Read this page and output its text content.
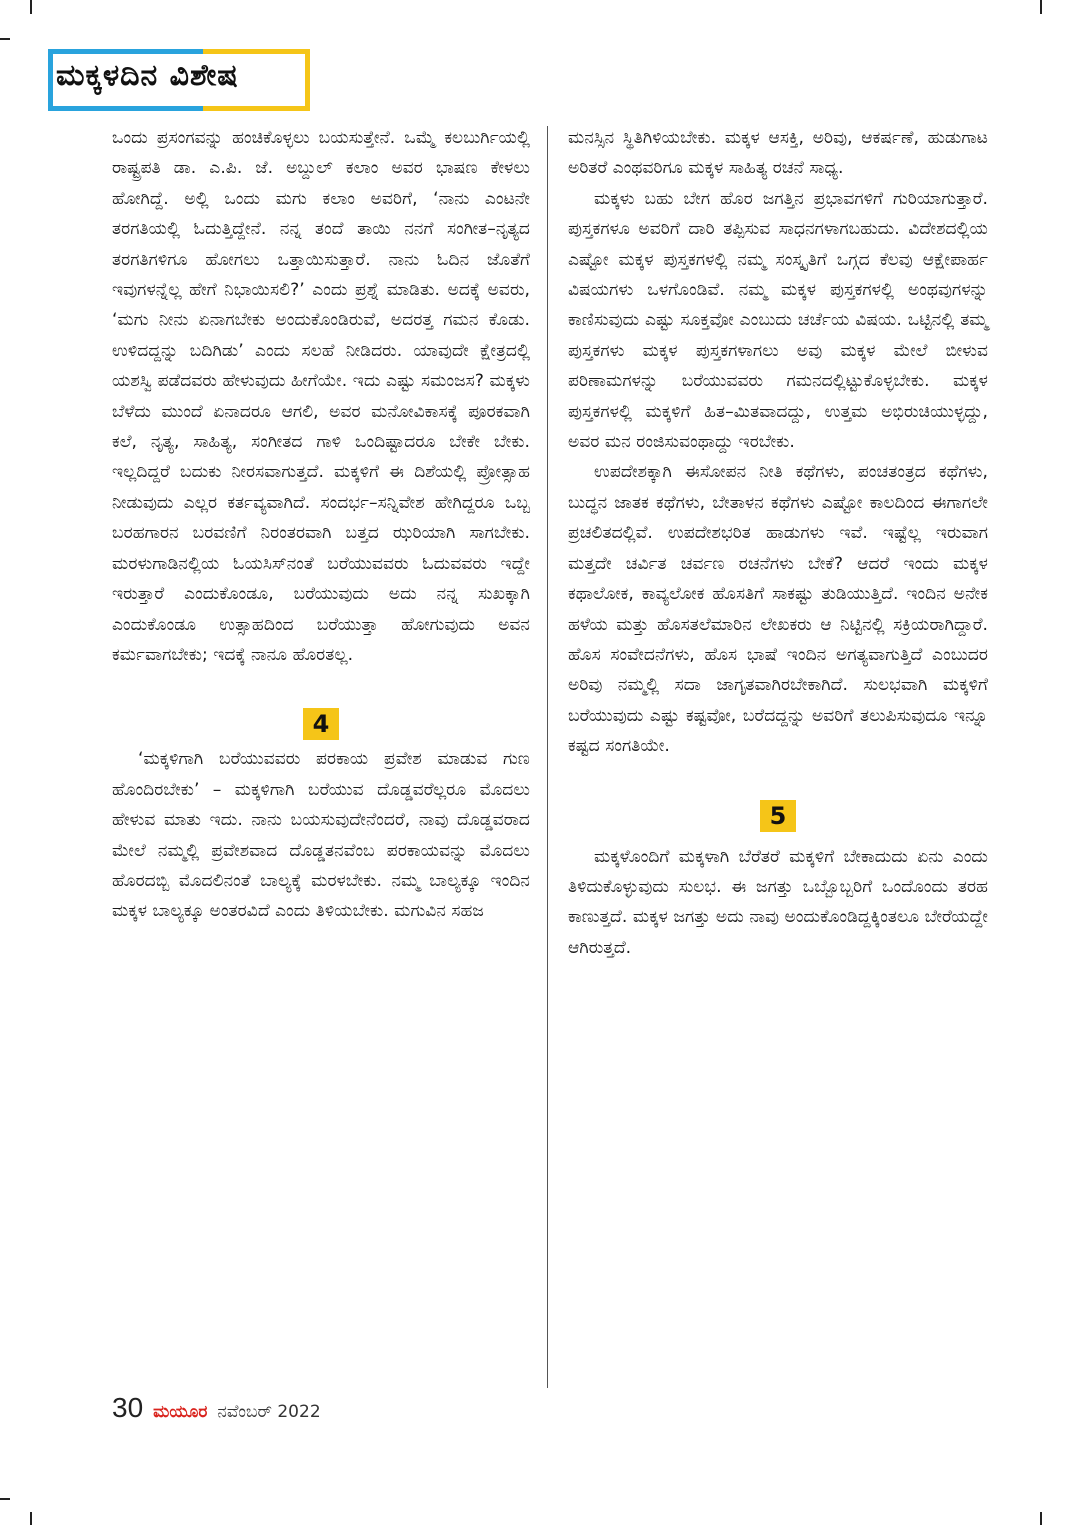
ಮಕ್ಕಳದಿನ ವಿಶೇಷ

ಒಂದು ಪ್ರಸಂಗವನ್ನು ಹಂಚಿಕೊಳ್ಳಲು ಬಯಸುತ್ತೇನೆ. ಒಮ್ಮೆ ಕಲಬುರ್ಗಿಯಲ್ಲಿ ರಾಷ್ಟ್ರಪತಿ ಡಾ. ಎ.ಪಿ. ಜೆ. ಅಬ್ದುಲ್ ಕಲಾಂ ಅವರ ಭಾಷಣ ಕೇಳಲು ಹೋಗಿದ್ದೆ. ಅಲ್ಲಿ ಒಂದು ಮಗು ಕಲಾಂ ಅವರಿಗೆ, ‘ನಾನು ಎಂಟನೇ ತರಗತಿಯಲ್ಲಿ ಓದುತ್ತಿದ್ದೇನೆ. ನನ್ನ ತಂದೆ ತಾಯಿ ನನಗೆ ಸಂಗೀತ–ನೃತ್ಯದ ತರಗತಿಗಳಿಗೂ ಹೋಗಲು ಒತ್ತಾಯಿಸುತ್ತಾರೆ. ನಾನು ಓದಿನ ಜೊತೆಗೆ ಇವುಗಳನ್ನೆಲ್ಲ ಹೇಗೆ ನಿಭಾಯಿಸಲಿ?’ ಎಂದು ಪ್ರಶ್ನೆ ಮಾಡಿತು. ಅದಕ್ಕೆ ಅವರು, ‘ಮಗು ನೀನು ಏನಾಗಬೇಕು ಅಂದುಕೊಂಡಿರುವೆ, ಅದರತ್ತ ಗಮನ ಕೊಡು. ಉಳಿದದ್ದನ್ನು ಬದಿಗಿಡು’ ಎಂದು ಸಲಹೆ ನೀಡಿದರು. ಯಾವುದೇ ಕ್ಷೇತ್ರದಲ್ಲಿ ಯಶಸ್ವಿ ಪಡೆದವರು ಹೇಳುವುದು ಹೀಗೆಯೇ. ಇದು ಎಷ್ಟು ಸಮಂಜಸ? ಮಕ್ಕಳು ಬೆಳೆದು ಮುಂದೆ ಏನಾದರೂ ಆಗಲಿ, ಅವರ ಮನೋವಿಕಾಸಕ್ಕೆ ಪೂರಕವಾಗಿ ಕಲೆ, ನೃತ್ಯ, ಸಾಹಿತ್ಯ, ಸಂಗೀತದ ಗಾಳಿ ಒಂದಿಷ್ಟಾದರೂ ಬೇಕೇ ಬೇಕು. ಇಲ್ಲದಿದ್ದರೆ ಬದುಕು ನೀರಸವಾಗುತ್ತದೆ. ಮಕ್ಕಳಿಗೆ ಈ ದಿಶೆಯಲ್ಲಿ ಪ್ರೋತ್ಸಾಹ ನೀಡುವುದು ಎಲ್ಲರ ಕರ್ತವ್ಯವಾಗಿದೆ. ಸಂದರ್ಭ–ಸನ್ನಿವೇಶ ಹೇಗಿದ್ದರೂ ಒಬ್ಬ ಬರಹಗಾರನ ಬರವಣಿಗೆ ನಿರಂತರವಾಗಿ ಬತ್ತದ ಝರಿಯಾಗಿ ಸಾಗಬೇಕು. ಮರಳುಗಾಡಿನಲ್ಲಿಯ ಓಯಸಿಸ್‌ನಂತೆ ಬರೆಯುವವರು ಓದುವವರು ಇದ್ದೇ ಇರುತ್ತಾರೆ ಎಂದುಕೊಂಡೂ, ಬರೆಯುವುದು ಅದು ನನ್ನ ಸುಖಕ್ಕಾಗಿ ಎಂದುಕೊಂಡೂ ಉತ್ಸಾಹದಿಂದ ಬರೆಯುತ್ತಾ ಹೋಗುವುದು ಅವನ ಕರ್ಮವಾಗಬೇಕು; ಇದಕ್ಕೆ ನಾನೂ ಹೊರತಲ್ಲ.

4

‘ಮಕ್ಕಳಿಗಾಗಿ ಬರೆಯುವವರು ಪರಕಾಯ ಪ್ರವೇಶ ಮಾಡುವ ಗುಣ ಹೊಂದಿರಬೇಕು’ – ಮಕ್ಕಳಿಗಾಗಿ ಬರೆಯುವ ದೊಡ್ಡವರೆಲ್ಲರೂ ಮೊದಲು ಹೇಳುವ ಮಾತು ಇದು. ನಾನು ಬಯಸುವುದೇನೆಂದರೆ, ನಾವು ದೊಡ್ಡವರಾದ ಮೇಲೆ ನಮ್ಮಲ್ಲಿ ಪ್ರವೇಶವಾದ ದೊಡ್ಡತನವೆಂಬ ಪರಕಾಯವನ್ನು ಮೊದಲು ಹೊರದಬ್ಬಿ ಮೊದಲಿನಂತೆ ಬಾಲ್ಯಕ್ಕೆ ಮರಳಬೇಕು. ನಮ್ಮ ಬಾಲ್ಯಕ್ಕೂ ಇಂದಿನ ಮಕ್ಕಳ ಬಾಲ್ಯಕ್ಕೂ ಅಂತರವಿದೆ ಎಂದು ತಿಳಿಯಬೇಕು. ಮಗುವಿನ ಸಹಜ

ಮನಸ್ಸಿನ ಸ್ಥಿತಿಗಿಳಿಯಬೇಕು. ಮಕ್ಕಳ ಆಸಕ್ತಿ, ಅರಿವು, ಆಕರ್ಷಣೆ, ಹುಡುಗಾಟ ಅರಿತರೆ ಎಂಥವರಿಗೂ ಮಕ್ಕಳ ಸಾಹಿತ್ಯ ರಚನೆ ಸಾಧ್ಯ.

ಮಕ್ಕಳು ಬಹು ಬೇಗ ಹೊರ ಜಗತ್ತಿನ ಪ್ರಭಾವಗಳಿಗೆ ಗುರಿಯಾಗುತ್ತಾರೆ. ಪುಸ್ತಕಗಳೂ ಅವರಿಗೆ ದಾರಿ ತಪ್ಪಿಸುವ ಸಾಧನಗಳಾಗಬಹುದು. ವಿದೇಶದಲ್ಲಿಯ ಎಷ್ಟೋ ಮಕ್ಕಳ ಪುಸ್ತಕಗಳಲ್ಲಿ ನಮ್ಮ ಸಂಸ್ಕೃತಿಗೆ ಒಗ್ಗದ ಕೆಲವು ಆಕ್ಷೇಪಾರ್ಹ ವಿಷಯಗಳು ಒಳಗೊಂಡಿವೆ. ನಮ್ಮ ಮಕ್ಕಳ ಪುಸ್ತಕಗಳಲ್ಲಿ ಅಂಥವುಗಳನ್ನು ಕಾಣಿಸುವುದು ಎಷ್ಟು ಸೂಕ್ತವೋ ಎಂಬುದು ಚರ್ಚೆಯ ವಿಷಯ. ಒಟ್ಟಿನಲ್ಲಿ ತಮ್ಮ ಪುಸ್ತಕಗಳು ಮಕ್ಕಳ ಪುಸ್ತಕಗಳಾಗಲು ಅವು ಮಕ್ಕಳ ಮೇಲೆ ಬೀಳುವ ಪರಿಣಾಮಗಳನ್ನು ಬರೆಯುವವರು ಗಮನದಲ್ಲಿಟ್ಟುಕೊಳ್ಳಬೇಕು. ಮಕ್ಕಳ ಪುಸ್ತಕಗಳಲ್ಲಿ ಮಕ್ಕಳಿಗೆ ಹಿತ–ಮಿತವಾದದ್ದು, ಉತ್ತಮ ಅಭಿರುಚಿಯುಳ್ಳದ್ದು, ಅವರ ಮನ ರಂಜಿಸುವಂಥಾದ್ದು ಇರಬೇಕು.

ಉಪದೇಶಕ್ಕಾಗಿ ಈಸೋಪನ ನೀತಿ ಕಥೆಗಳು, ಪಂಚತಂತ್ರದ ಕಥೆಗಳು, ಬುದ್ಧನ ಜಾತಕ ಕಥೆಗಳು, ಬೇತಾಳನ ಕಥೆಗಳು ಎಷ್ಟೋ ಕಾಲದಿಂದ ಈಗಾಗಲೇ ಪ್ರಚಲಿತದಲ್ಲಿವೆ. ಉಪದೇಶಭರಿತ ಹಾಡುಗಳು ಇವೆ. ಇಷ್ಟೆಲ್ಲ ಇರುವಾಗ ಮತ್ತದೇ ಚರ್ವಿತ ಚರ್ವಣ ರಚನೆಗಳು ಬೇಕೆ? ಆದರೆ ಇಂದು ಮಕ್ಕಳ ಕಥಾಲೋಕ, ಕಾವ್ಯಲೋಕ ಹೊಸತಿಗೆ ಸಾಕಷ್ಟು ತುಡಿಯುತ್ತಿದೆ. ಇಂದಿನ ಅನೇಕ ಹಳೆಯ ಮತ್ತು ಹೊಸತಲೆಮಾರಿನ ಲೇಖಕರು ಆ ನಿಟ್ಟಿನಲ್ಲಿ ಸಕ್ರಿಯರಾಗಿದ್ದಾರೆ. ಹೊಸ ಸಂವೇದನೆಗಳು, ಹೊಸ ಭಾಷೆ ಇಂದಿನ ಅಗತ್ಯವಾಗುತ್ತಿದೆ ಎಂಬುದರ ಅರಿವು ನಮ್ಮಲ್ಲಿ ಸದಾ ಜಾಗೃತವಾಗಿರಬೇಕಾಗಿದೆ. ಸುಲಭವಾಗಿ ಮಕ್ಕಳಿಗೆ ಬರೆಯುವುದು ಎಷ್ಟು ಕಷ್ಟವೋ, ಬರೆದದ್ದನ್ನು ಅವರಿಗೆ ತಲುಪಿಸುವುದೂ ಇನ್ನೂ ಕಷ್ಟದ ಸಂಗತಿಯೇ.

5

ಮಕ್ಕಳೊಂದಿಗೆ ಮಕ್ಕಳಾಗಿ ಬೆರೆತರೆ ಮಕ್ಕಳಿಗೆ ಬೇಕಾದುದು ಏನು ಎಂದು ತಿಳಿದುಕೊಳ್ಳುವುದು ಸುಲಭ. ಈ ಜಗತ್ತು ಒಬ್ಬೊಬ್ಬರಿಗೆ ಒಂದೊಂದು ತರಹ ಕಾಣುತ್ತದೆ. ಮಕ್ಕಳ ಜಗತ್ತು ಅದು ನಾವು ಅಂದುಕೊಂಡಿದ್ದಕ್ಕಿಂತಲೂ ಬೇರೆಯದ್ದೇ ಆಗಿರುತ್ತದೆ.

30 ಮಯೂರ ನವೆಂಬರ್ 2022
